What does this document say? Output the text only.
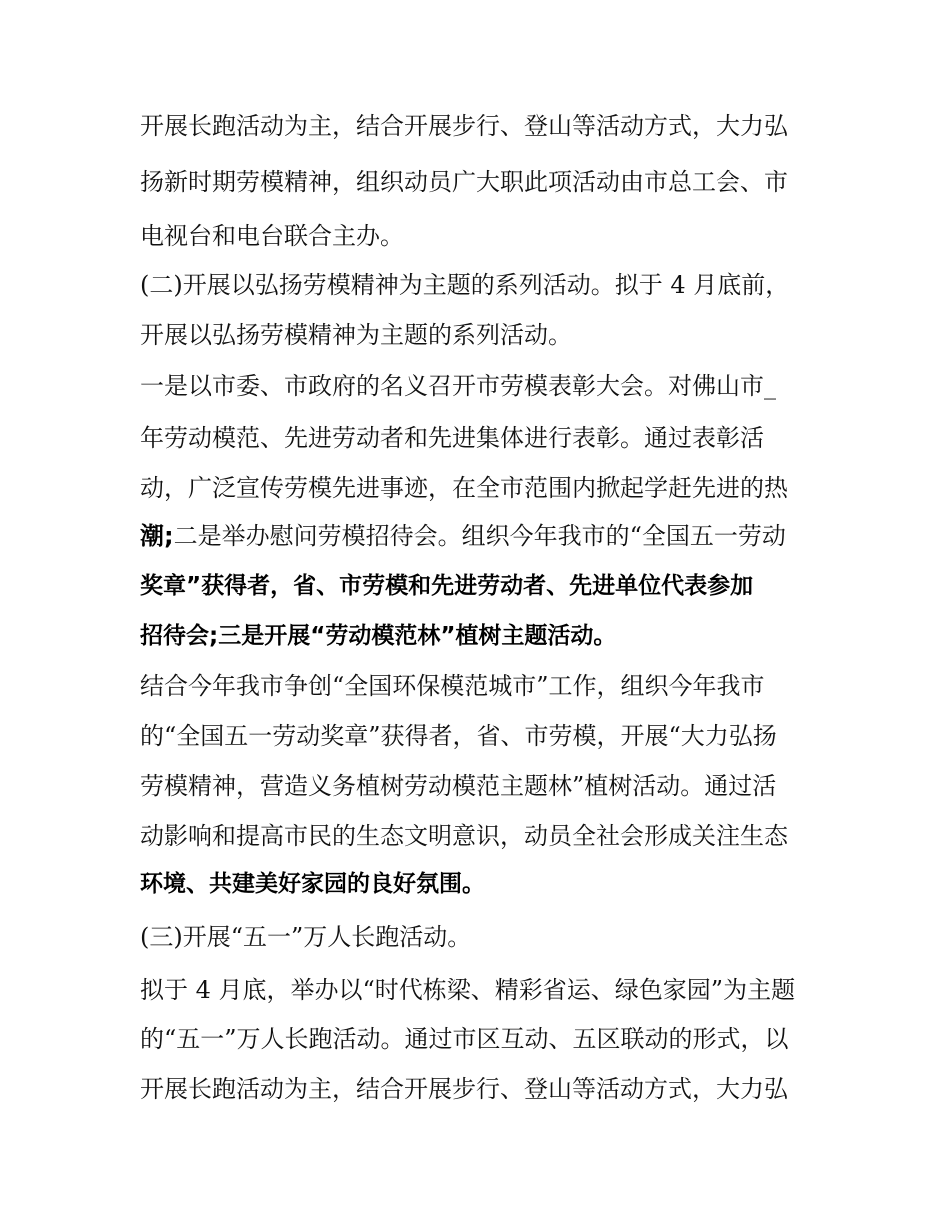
开展长跑活动为主，结合开展步行、登山等活动方式，大力弘
扬新时期劳模精神，组织动员广大职此项活动由市总工会、市
电视台和电台联合主办。
(二)开展以弘扬劳模精神为主题的系列活动。拟于 4 月底前，
开展以弘扬劳模精神为主题的系列活动。
一是以市委、市政府的名义召开市劳模表彰大会。对佛山市_
年劳动模范、先进劳动者和先进集体进行表彰。通过表彰活
动，广泛宣传劳模先进事迹，在全市范围内掀起学赶先进的热
潮;二是举办慰问劳模招待会。组织今年我市的“全国五一劳动
奖章”获得者，省、市劳模和先进劳动者、先进单位代表参加
招待会;三是开展“劳动模范林”植树主题活动。
结合今年我市争创“全国环保模范城市”工作，组织今年我市
的“全国五一劳动奖章”获得者，省、市劳模，开展“大力弘扬
劳模精神，营造义务植树劳动模范主题林”植树活动。通过活
动影响和提高市民的生态文明意识，动员全社会形成关注生态
环境、共建美好家园的良好氛围。
(三)开展“五一”万人长跑活动。
拟于 4 月底，举办以“时代栋梁、精彩省运、绿色家园”为主题
的“五一”万人长跑活动。通过市区互动、五区联动的形式，以
开展长跑活动为主，结合开展步行、登山等活动方式，大力弘
